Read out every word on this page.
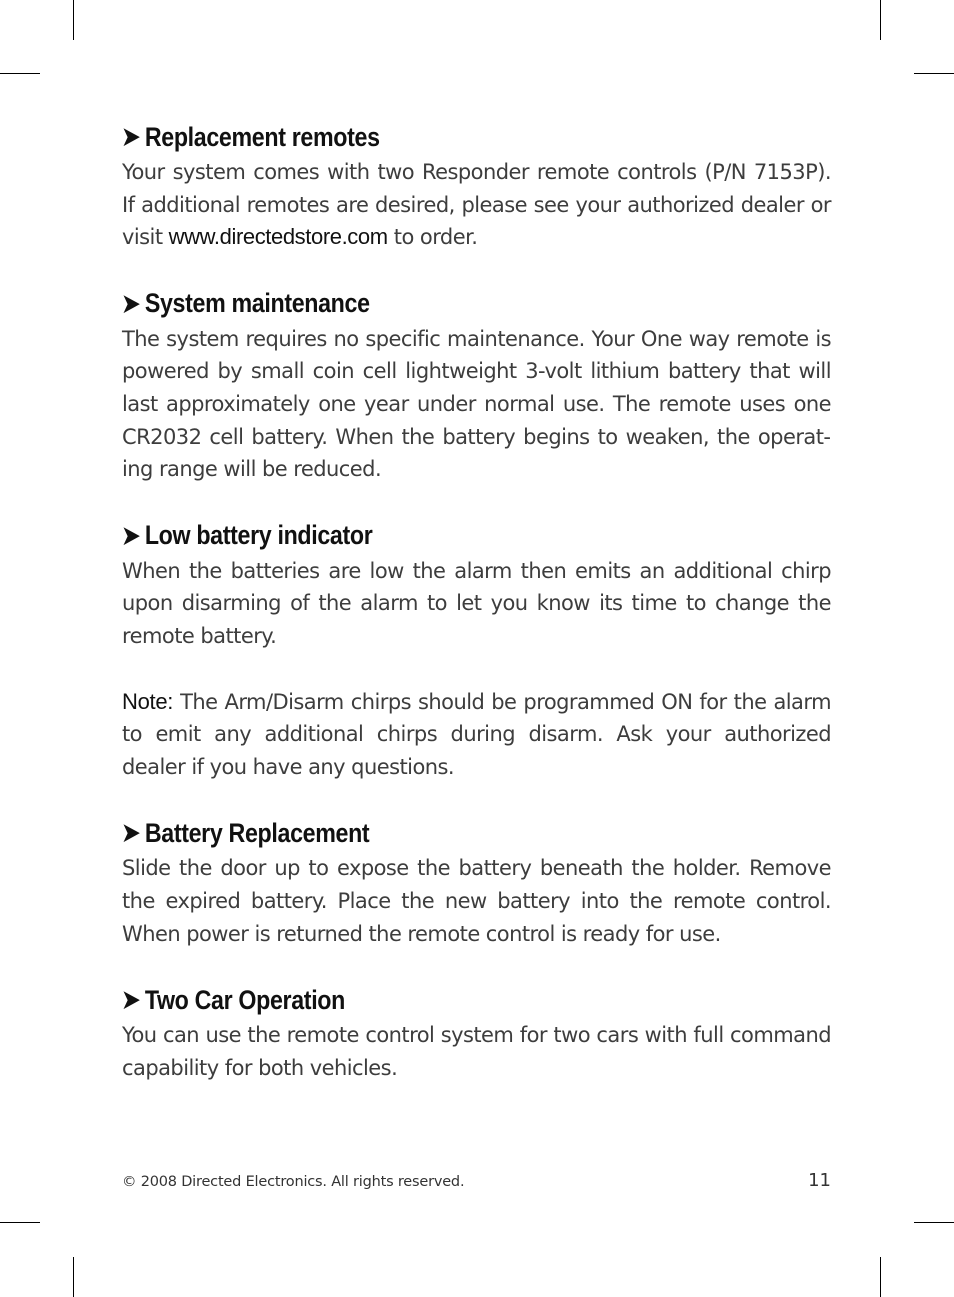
➤ Replacement remotes

Your system comes with two Responder remote controls (P/N 7153P). If additional remotes are desired, please see your authorized dealer or visit www.directedstore.com to order.

➤ System maintenance

The system requires no specific maintenance. Your One way remote is powered by small coin cell lightweight 3-volt lithium battery that will last approximately one year under normal use. The remote uses one CR2032 cell battery. When the battery begins to weaken, the operating range will be reduced.

➤ Low battery indicator

When the batteries are low the alarm then emits an additional chirp upon disarming of the alarm to let you know its time to change the remote battery.

Note: The Arm/Disarm chirps should be programmed ON for the alarm to emit any additional chirps during disarm. Ask your authorized dealer if you have any questions.

➤ Battery Replacement

Slide the door up to expose the battery beneath the holder. Remove the expired battery. Place the new battery into the remote control. When power is returned the remote control is ready for use.

➤ Two Car Operation

You can use the remote control system for two cars with full command capability for both vehicles.

© 2008 Directed Electronics. All rights reserved.	11
